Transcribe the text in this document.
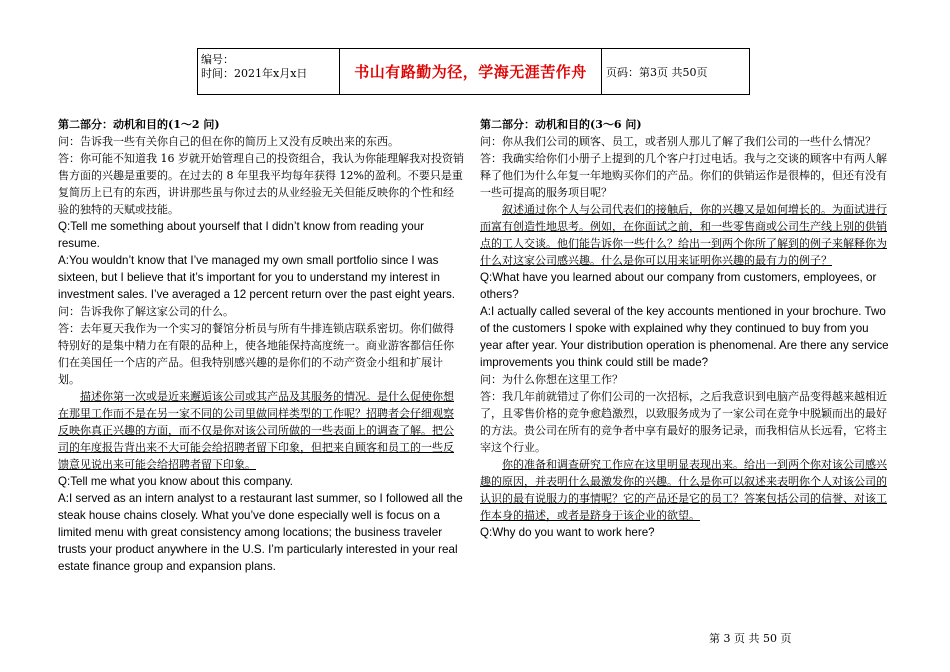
编号：
时间：2021年x月x日	书山有路勤为径，学海无涯苦作舟	页码：第3页 共50页

第二部分：动机和目的(1～2 问)

问：告诉我一些有关你自己的但在你的简历上又没有反映出来的东西。

答：你可能不知道我 16 岁就开始管理自己的投资组合，我认为你能理解我对投资销售方面的兴趣是重要的。在过去的 8 年里我平均每年获得 12%的盈利。不要只是重复简历上已有的东西，讲讲那些虽与你过去的从业经验无关但能反映你的个性和经验的独特的天赋或技能。

Q:Tell me something about yourself that I didn’t know from reading your resume.

A:You wouldn’t know that I’ve managed my own small portfolio since I was sixteen, but I believe that it’s important for you to understand my interest in investment sales. I’ve averaged a 12 percent return over the past eight years.

问：告诉我你了解这家公司的什么。

答：去年夏天我作为一个实习的餐馆分析员与所有牛排连锁店联系密切。你们做得特别好的是集中精力在有限的品种上，使各地能保持高度统一。商业游客都信任你们在美国任一个店的产品。但我特别感兴趣的是你们的不动产资金小组和扩展计划。

描述你第一次或是近来邂逅该公司或其产品及其服务的情况。是什么促使你想在那里工作而不是在另一家不同的公司里做同样类型的工作呢？招聘者会仔细观察反映你真正兴趣的方面，而不仅是你对该公司所做的一些表面上的调查了解。把公司的年度报告背出来不大可能会给招聘者留下印象，但把来自顾客和员工的一些反馈意见说出来可能会给招聘者留下印象。

Q:Tell me what you know about this company.

A:I served as an intern analyst to a restaurant last summer, so I followed all the steak house chains closely. What you’ve done especially well is focus on a limited menu with great consistency among locations; the business traveler trusts your product anywhere in the U.S. I’m particularly interested in your real estate finance group and expansion plans.

第二部分：动机和目的(3～6 问)

问：你从我们公司的顾客、员工，或者别人那儿了解了我们公司的一些什么情况？

答：我确实给你们小册子上提到的几个客户打过电话。我与之交谈的顾客中有两人解释了他们为什么年复一年地购买你们的产品。你们的供销运作是很棒的，但还有没有一些可提高的服务项目呢？

叙述通过你个人与公司代表们的接触后，你的兴趣又是如何增长的。为面试进行而富有创造性地思考。例如，在你面试之前，和一些零售商或公司生产线上别的供销点的工人交谈。他们能告诉你一些什么？给出一到两个你所了解到的例子来解释你为什么对这家公司感兴趣。什么是你可以用来证明你兴趣的最有力的例子？

Q:What have you learned about our company from customers, employees, or others?

A:I actually called several of the key accounts mentioned in your brochure. Two of the customers I spoke with explained why they continued to buy from you year after year. Your distribution operation is phenomenal. Are there any service improvements you think could still be made?

问：为什么你想在这里工作？

答：我几年前就错过了你们公司的一次招标，之后我意识到电脑产品变得越来越相近了，且零售价格的竞争愈趋激烈，以致服务成为了一家公司在竞争中脱颖而出的最好的方法。贵公司在所有的竞争者中享有最好的服务记录，而我相信从长远看，它将主宰这个行业。

你的准备和调查研究工作应在这里明显表现出来。给出一到两个你对该公司感兴趣的原因，并表明什么最激发你的兴趣。什么是你可以叙述来表明你个人对该公司的认识的最有说服力的事情呢？它的产品还是它的员工？答案包括公司的信誉、对该工作本身的描述，或者是跻身于该企业的欲望。

Q:Why do you want to work here?

第 3 页 共 50 页
